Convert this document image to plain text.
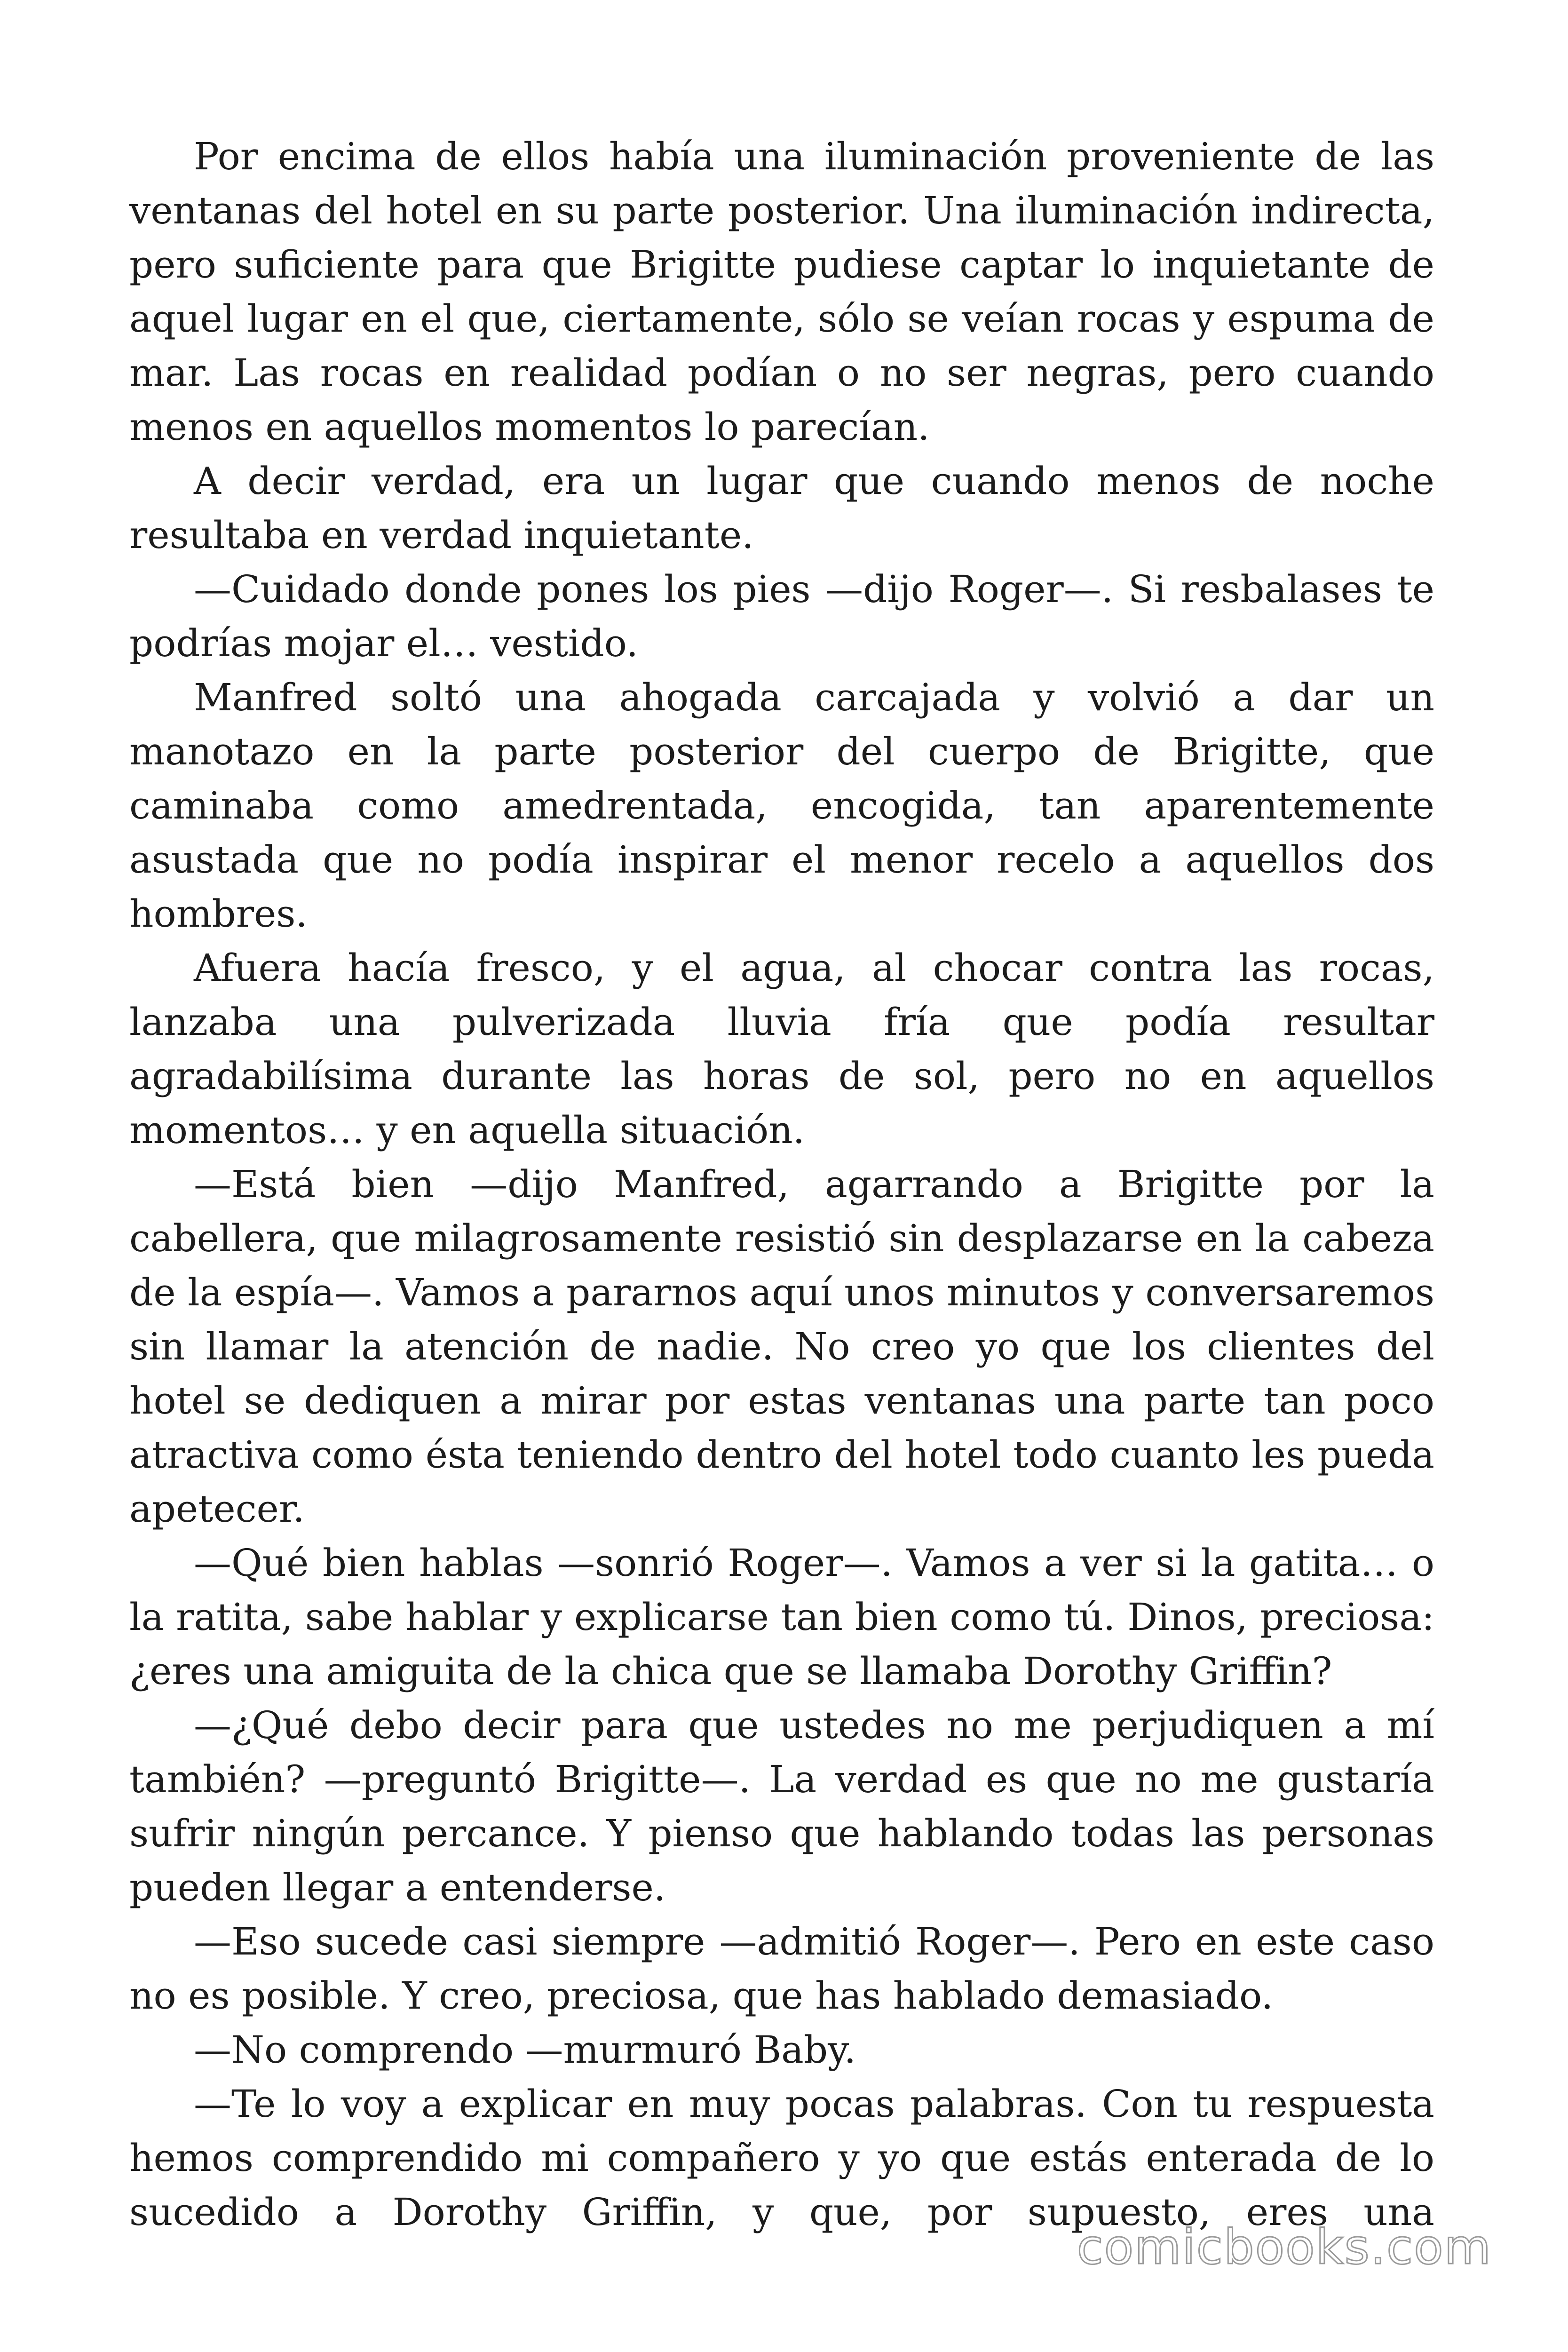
Por encima de ellos había una iluminación proveniente de las ventanas del hotel en su parte posterior. Una iluminación indirecta, pero suficiente para que Brigitte pudiese captar lo inquietante de aquel lugar en el que, ciertamente, sólo se veían rocas y espuma de mar. Las rocas en realidad podían o no ser negras, pero cuando menos en aquellos momentos lo parecían.

A decir verdad, era un lugar que cuando menos de noche resultaba en verdad inquietante.

—Cuidado donde pones los pies —dijo Roger—. Si resbalases te podrías mojar el… vestido.

Manfred soltó una ahogada carcajada y volvió a dar un manotazo en la parte posterior del cuerpo de Brigitte, que caminaba como amedrentada, encogida, tan aparentemente asustada que no podía inspirar el menor recelo a aquellos dos hombres.

Afuera hacía fresco, y el agua, al chocar contra las rocas, lanzaba una pulverizada lluvia fría que podía resultar agradabilísima durante las horas de sol, pero no en aquellos momentos… y en aquella situación.

—Está bien —dijo Manfred, agarrando a Brigitte por la cabellera, que milagrosamente resistió sin desplazarse en la cabeza de la espía—. Vamos a pararnos aquí unos minutos y conversaremos sin llamar la atención de nadie. No creo yo que los clientes del hotel se dediquen a mirar por estas ventanas una parte tan poco atractiva como ésta teniendo dentro del hotel todo cuanto les pueda apetecer.

—Qué bien hablas —sonrió Roger—. Vamos a ver si la gatita… o la ratita, sabe hablar y explicarse tan bien como tú. Dinos, preciosa: ¿eres una amiguita de la chica que se llamaba Dorothy Griffin?

—¿Qué debo decir para que ustedes no me perjudiquen a mí también? —preguntó Brigitte—. La verdad es que no me gustaría sufrir ningún percance. Y pienso que hablando todas las personas pueden llegar a entenderse.

—Eso sucede casi siempre —admitió Roger—. Pero en este caso no es posible. Y creo, preciosa, que has hablado demasiado.

—No comprendo —murmuró Baby.

—Te lo voy a explicar en muy pocas palabras. Con tu respuesta hemos comprendido mi compañero y yo que estás enterada de lo sucedido a Dorothy Griffin, y que, por supuesto, eres una

comicbooks.com
